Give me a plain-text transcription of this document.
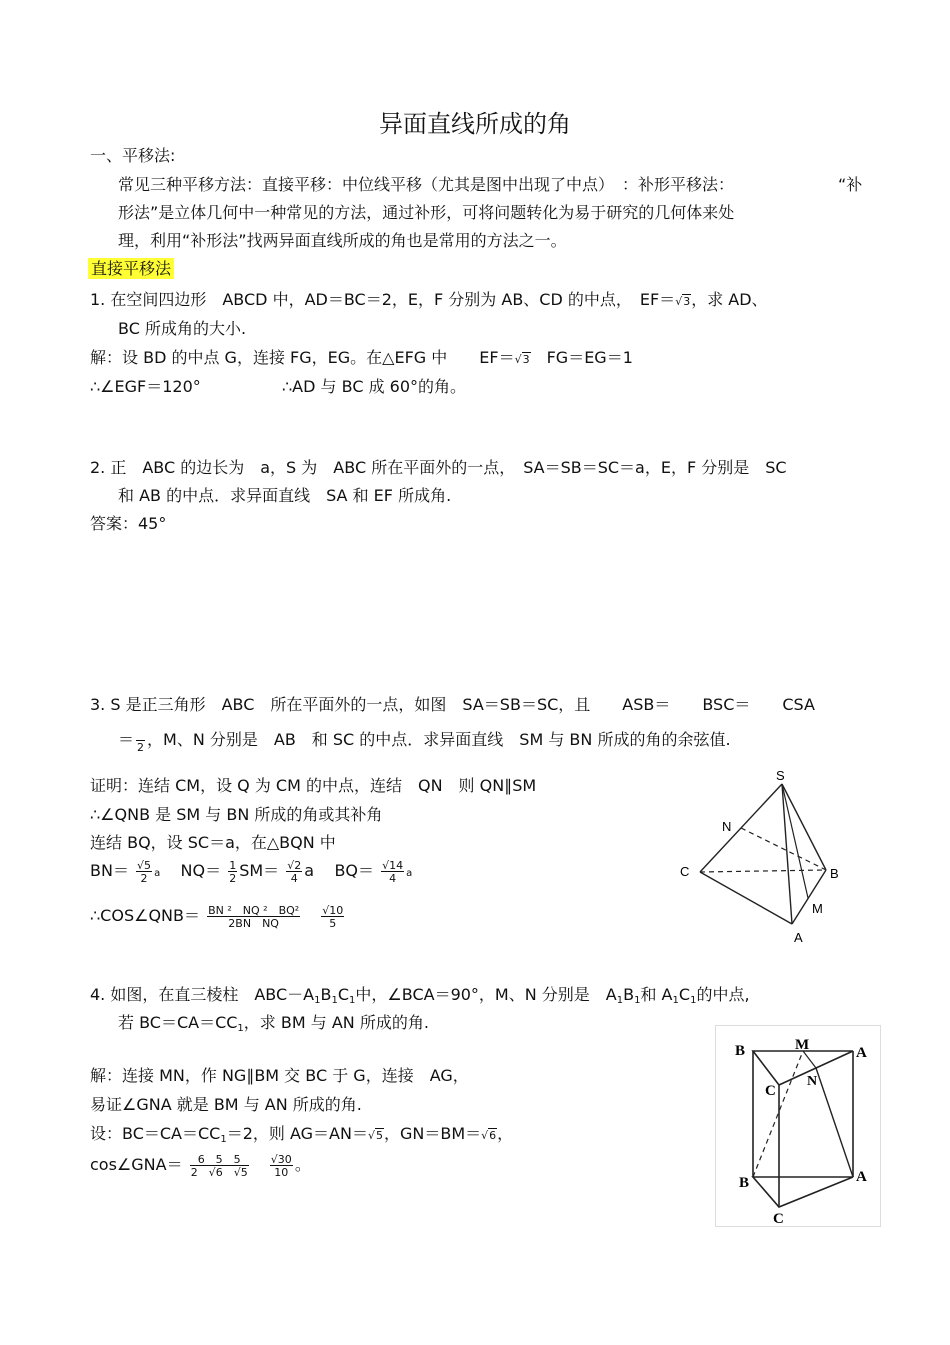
异面直线所成的角
一、平移法:
常见三种平移方法：直接平移：中位线平移（尤其是图中出现了中点）　：补形平移法：	“补
形法”是立体几何中一种常见的方法，通过补形，可将问题转化为易于研究的几何体来处
理，利用“补形法”找两异面直线所成的角也是常用的方法之一。
直接平移法
1. 在空间四边形　ABCD 中，AD＝BC＝2，E，F 分别为 AB、CD 的中点，　EF＝√3，求 AD、
BC 所成角的大小.
解：设 BD 的中点 G，连接 FG，EG。在△EFG 中　　EF＝√3　FG＝EG＝1
∴∠EGF＝120°	∴AD 与 BC 成 60°的角。
2. 正　ABC 的边长为　a，S 为　ABC 所在平面外的一点，　SA＝SB＝SC＝a，E，F 分别是　SC
和 AB 的中点．求异面直线　SA 和 EF 所成角.
答案：45°
3. S 是正三角形　ABC　所在平面外的一点，如图　SA＝SB＝SC，且　　ASB＝　　BSC＝　　CSA
＝
2 ，M、N 分别是　AB　和 SC 的中点．求异面直线　SM 与 BN 所成的角的余弦值.
证明：连结 CM，设 Q 为 CM 的中点，连结　QN　则 QN∥SM
∴∠QNB 是 SM 与 BN 所成的角或其补角
连结 BQ，设 SC＝a，在△BQN 中
$BN= \frac{√5}{2}$ a $NQ= \frac{1}{2} SM= \frac{√2}{4}$ a $BQ= \frac{√14}{4}$ a
∴COS∠QNB＝ $\frac{\text{BN ²　NQ ²　BQ²}}{\text{2BN　NQ}}$
$\frac{√10}{5}$
S
N
C	B
M
A
4. 如图，在直三棱柱　$ABC-A_1B_1C_1$中，∠BCA＝90°，M、N 分别是　$A_1B_1$和 $A_1C_1$的中点,
若 $BC=CA=CC_1$，求 BM 与 AN 所成的角.
解：连接 MN，作 NG∥BM 交 BC 于 G，连接　AG，
易证∠GNA 就是 BM 与 AN 所成的角.
设：$BC=CA=CC_1=2$，则 AG＝AN＝√5，GN＝BM＝√6，
cos∠GNA＝ $\frac{6 5 5}{2 √6 √5}$
$\frac{√30}{10}$ 。
B	M	A
C
N
B	A
C
